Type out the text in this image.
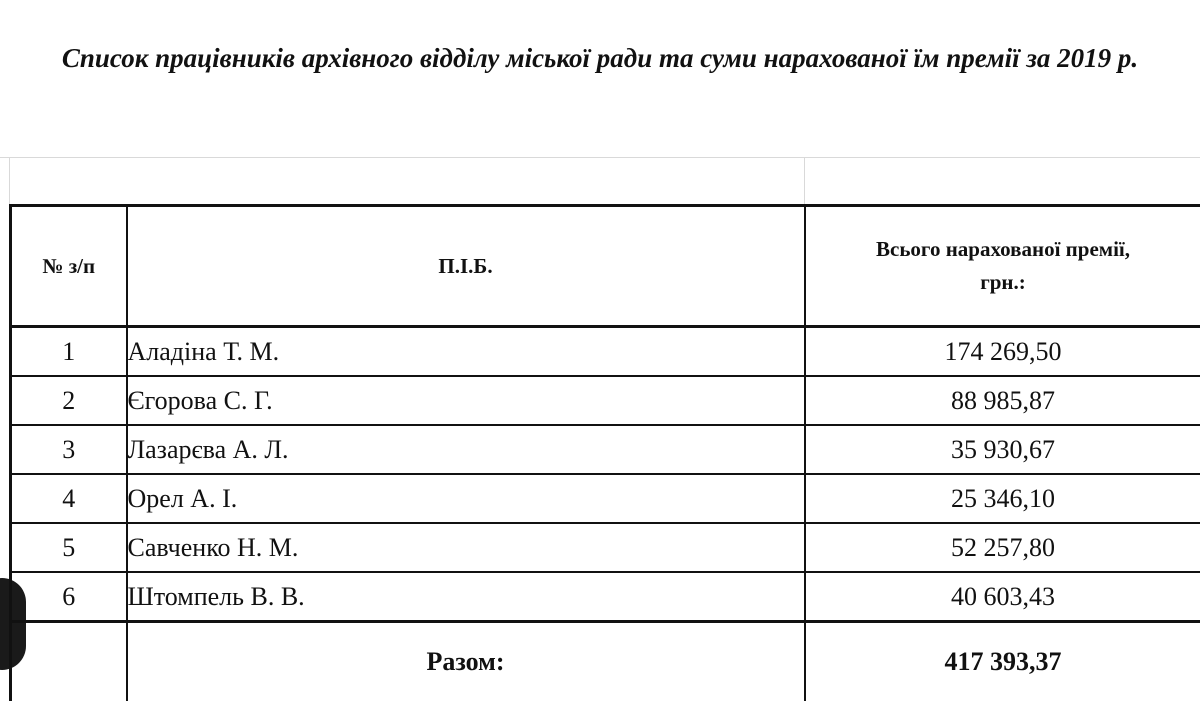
Список працівників архівного відділу міської ради та суми нарахованої їм премії за 2019 р.
№ з/п	П.І.Б.	Всього нарахованої премії,
грн.:

1	Аладіна Т. М.	174 269,50
2	Єгорова С. Г.	88 985,87
3	Лазарєва А. Л.	35 930,67
4	Орел А. І.	25 346,10
5	Савченко Н. М.	52 257,80
6	Штомпель В. В.	40 603,43
	Разом:	417 393,37
